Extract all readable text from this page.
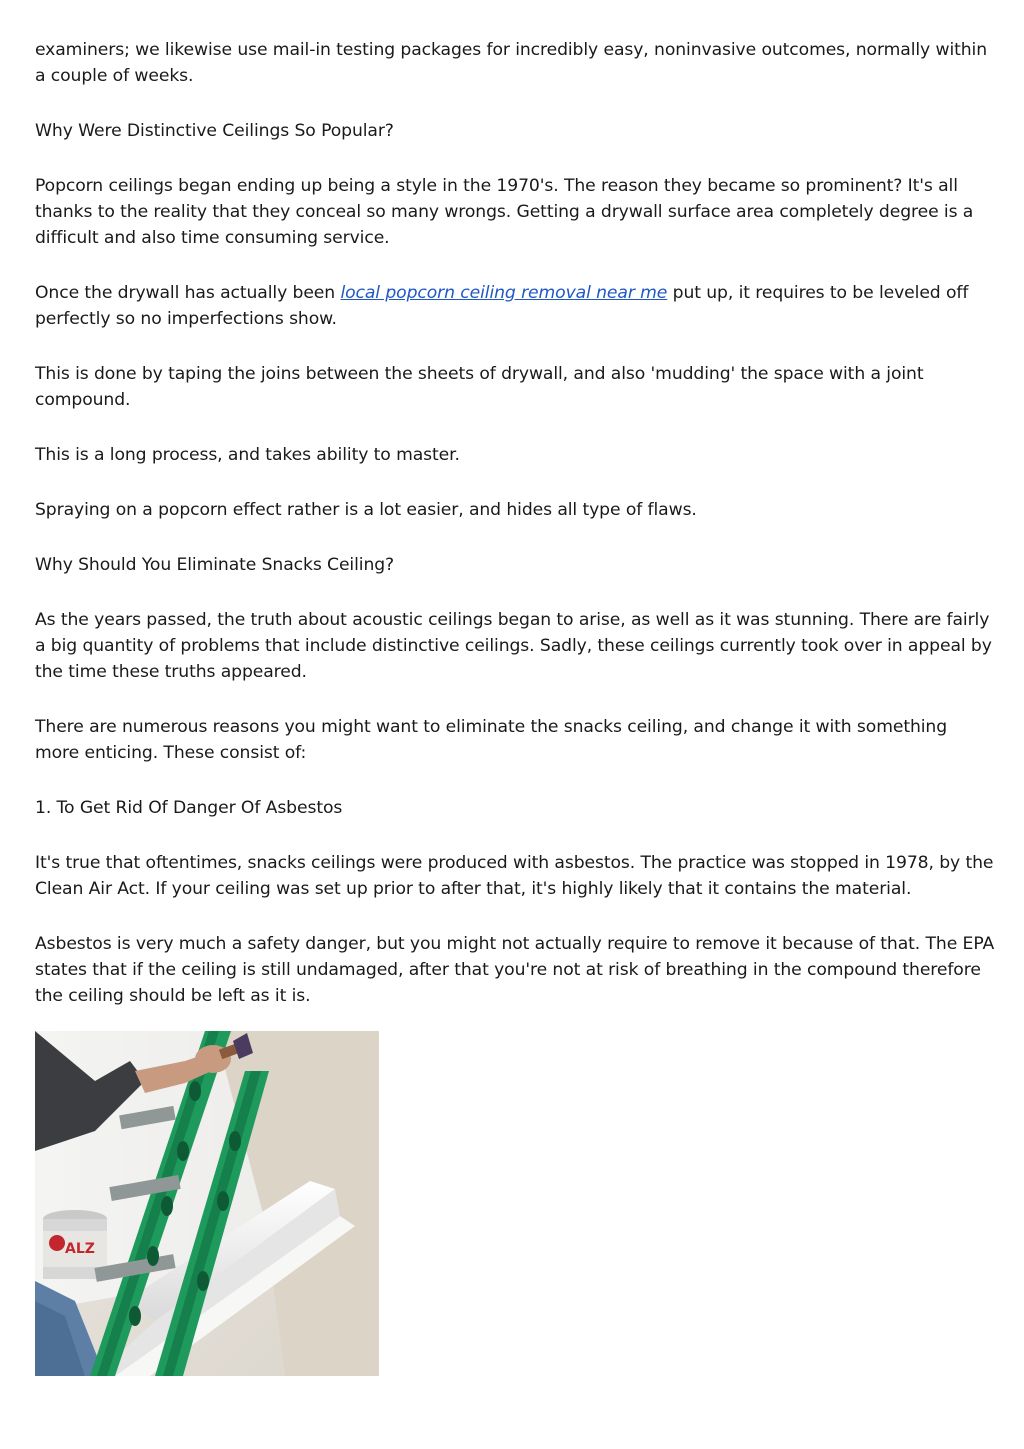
examiners; we likewise use mail-in testing packages for incredibly easy, noninvasive outcomes, normally within a couple of weeks.

Why Were Distinctive Ceilings So Popular?

Popcorn ceilings began ending up being a style in the 1970's. The reason they became so prominent? It's all thanks to the reality that they conceal so many wrongs. Getting a drywall surface area completely degree is a difficult and also time consuming service.

Once the drywall has actually been local popcorn ceiling removal near me put up, it requires to be leveled off perfectly so no imperfections show.

This is done by taping the joins between the sheets of drywall, and also 'mudding' the space with a joint compound.

This is a long process, and takes ability to master.

Spraying on a popcorn effect rather is a lot easier, and hides all type of flaws.

Why Should You Eliminate Snacks Ceiling?

As the years passed, the truth about acoustic ceilings began to arise, as well as it was stunning. There are fairly a big quantity of problems that include distinctive ceilings. Sadly, these ceilings currently took over in appeal by the time these truths appeared.

There are numerous reasons you might want to eliminate the snacks ceiling, and change it with something more enticing. These consist of:

1. To Get Rid Of Danger Of Asbestos

It's true that oftentimes, snacks ceilings were produced with asbestos. The practice was stopped in 1978, by the Clean Air Act. If your ceiling was set up prior to after that, it's highly likely that it contains the material.

Asbestos is very much a safety danger, but you might not actually require to remove it because of that. The EPA states that if the ceiling is still undamaged, after that you're not at risk of breathing in the compound therefore the ceiling should be left as it is.

ALZ
